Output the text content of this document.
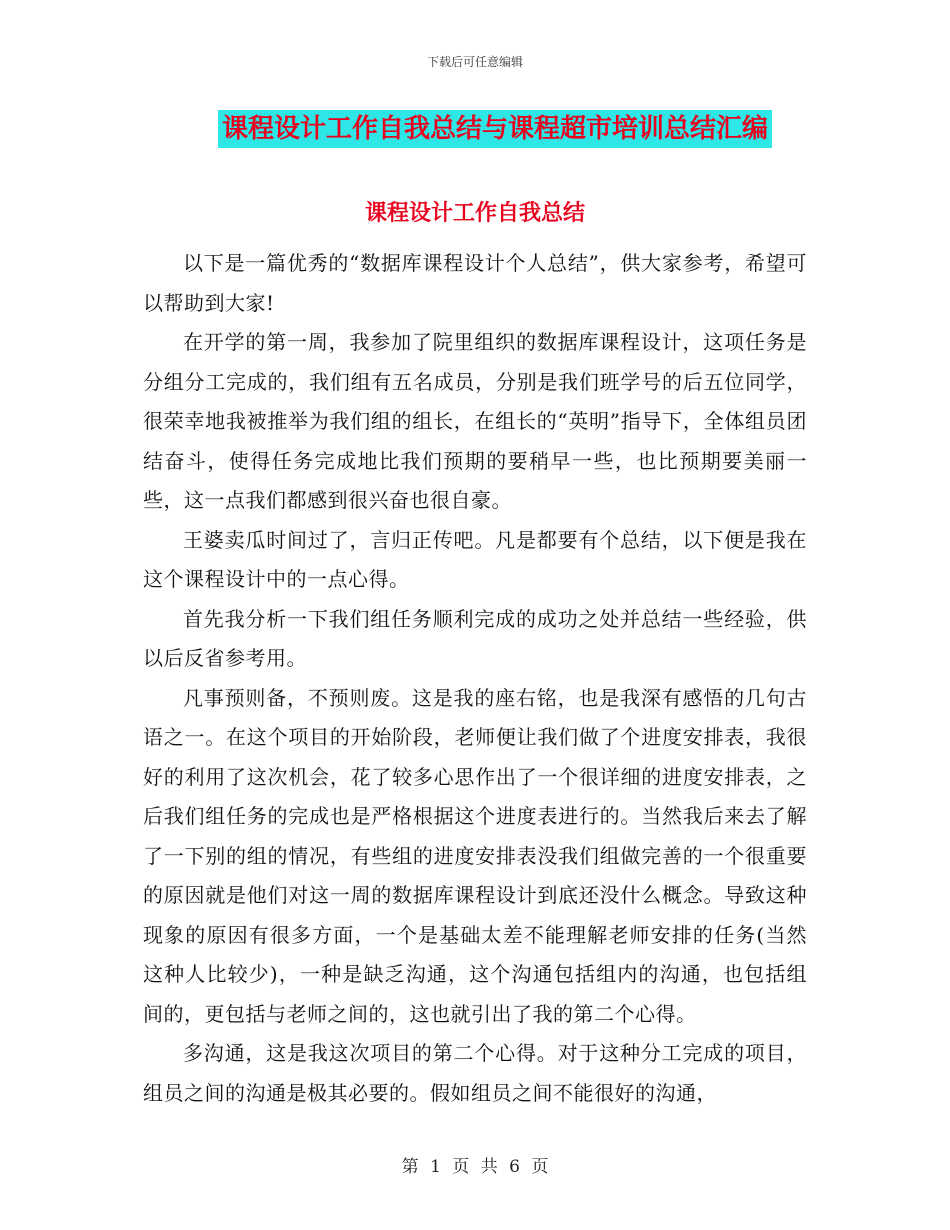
下载后可任意编辑
课程设计工作自我总结与课程超市培训总结汇编
课程设计工作自我总结

以下是一篇优秀的“数据库课程设计个人总结”，供大家参考，希望可以帮助到大家!

在开学的第一周，我参加了院里组织的数据库课程设计，这项任务是分组分工完成的，我们组有五名成员，分别是我们班学号的后五位同学，很荣幸地我被推举为我们组的组长，在组长的“英明”指导下，全体组员团结奋斗，使得任务完成地比我们预期的要稍早一些，也比预期要美丽一些，这一点我们都感到很兴奋也很自豪。

王婆卖瓜时间过了，言归正传吧。凡是都要有个总结，以下便是我在这个课程设计中的一点心得。

首先我分析一下我们组任务顺利完成的成功之处并总结一些经验，供以后反省参考用。

凡事预则备，不预则废。这是我的座右铭，也是我深有感悟的几句古语之一。在这个项目的开始阶段，老师便让我们做了个进度安排表，我很好的利用了这次机会，花了较多心思作出了一个很详细的进度安排表，之后我们组任务的完成也是严格根据这个进度表进行的。当然我后来去了解了一下别的组的情况，有些组的进度安排表没我们组做完善的一个很重要的原因就是他们对这一周的数据库课程设计到底还没什么概念。导致这种现象的原因有很多方面，一个是基础太差不能理解老师安排的任务(当然这种人比较少)，一种是缺乏沟通，这个沟通包括组内的沟通，也包括组间的，更包括与老师之间的，这也就引出了我的第二个心得。

多沟通，这是我这次项目的第二个心得。对于这种分工完成的项目，组员之间的沟通是极其必要的。假如组员之间不能很好的沟通，

第 1 页 共 6 页
